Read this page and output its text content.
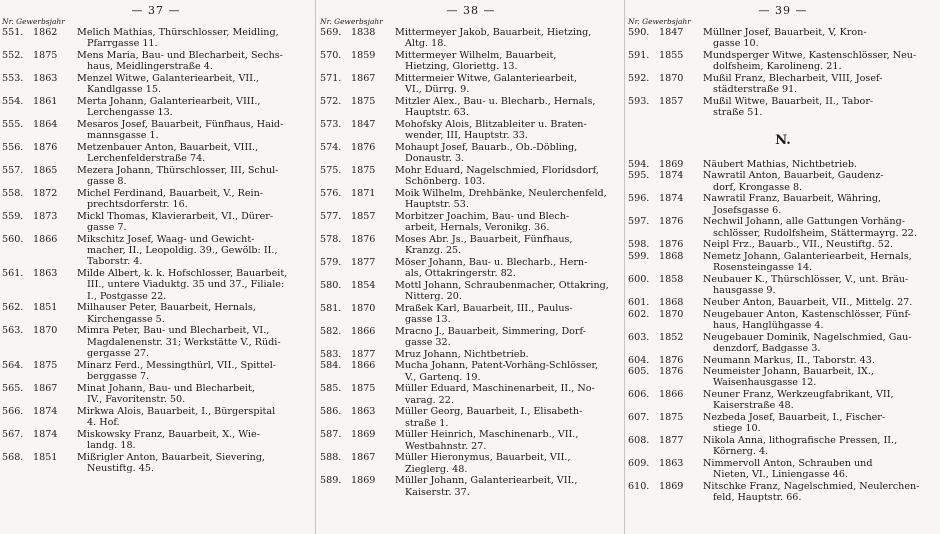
— 37 —
Nr. Gewerbsjahr
551.	1862	Melich Mathias, Thürschlosser, Meidling,
Pfarrgasse 11.
552.	1875	Mens Maria, Bau- und Blecharbeit, Sechs-
haus, Meidlingerstraße 4.
553.	1863	Menzel Witwe, Galanteriearbeit, VII.,
Kandlgasse 15.
554.	1861	Merta Johann, Galanteriearbeit, VIII.,
Lerchengasse 13.
555.	1864	Mesaros Josef, Bauarbeit, Fünfhaus, Haid-
mannsgasse 1.
556.	1876	Metzenbauer Anton, Bauarbeit, VIII.,
Lerchenfelderstraße 74.
557.	1865	Mezera Johann, Thürschlosser, III, Schul-
gasse 8.
558.	1872	Michel Ferdinand, Bauarbeit, V., Rein-
prechtsdorferstr. 16.
559.	1873	Mickl Thomas, Klavierarbeit, VI., Dürer-
gasse 7.
560.	1866	Mikschitz Josef, Waag- und Gewicht-
macher, II., Leopoldig. 39., Gewölb: II.,
Taborstr. 4.
561.	1863	Milde Albert, k. k. Hofschlosser, Bauarbeit,
III., untere Viaduktg. 35 und 37., Filiale:
I., Postgasse 22.
562.	1851	Milhauser Peter, Bauarbeit, Hernals,
Kirchengasse 5.
563.	1870	Mimra Peter, Bau- und Blecharbeit, VI.,
Magdalenenstr. 31; Werkstätte V., Rüdi-
gergasse 27.
564.	1875	Minarz Ferd., Messingthürl, VII., Spittel-
berggasse 7.
565.	1867	Minat Johann, Bau- und Blecharbeit,
IV., Favoritenstr. 50.
566.	1874	Mirkwa Alois, Bauarbeit, I., Bürgerspital
4. Hof.
567.	1874	Miskowsky Franz, Bauarbeit, X., Wie-
landg. 18.
568.	1851	Mißrigler Anton, Bauarbeit, Sievering,
Neustiftg. 45.
— 38 —
Nr. Gewerbsjahr
569.	1838	Mittermeyer Jakob, Bauarbeit, Hietzing,
Altg. 18.
570.	1859	Mittermeyer Wilhelm, Bauarbeit,
Hietzing, Gloriettg. 13.
571.	1867	Mittermeier Witwe, Galanteriearbeit,
VI., Dürrg. 9.
572.	1875	Mitzler Alex., Bau- u. Blecharb., Hernals,
Hauptstr. 63.
573.	1847	Mohofsky Alois, Blitzableiter u. Braten-
wender, III, Hauptstr. 33.
574.	1876	Mohaupt Josef, Bauarb., Ob.-Döbling,
Donaustr. 3.
575.	1875	Mohr Eduard, Nagelschmied, Floridsdorf,
Schönberg. 103.
576.	1871	Moik Wilhelm, Drehbänke, Neulerchenfeld,
Hauptstr. 53.
577.	1857	Morbitzer Joachim, Bau- und Blech-
arbeit, Hernals, Veronikg. 36.
578.	1876	Moses Abr. Js., Bauarbeit, Fünfhaus,
Kranzg. 25.
579.	1877	Möser Johann, Bau- u. Blecharb., Hern-
als, Ottakringerstr. 82.
580.	1854	Mottl Johann, Schraubenmacher, Ottakring,
Nitterg. 20.
581.	1870	Mraßek Karl, Bauarbeit, III., Paulus-
gasse 13.
582.	1866	Mracno J., Bauarbeit, Simmering, Dorf-
gasse 32.
583.	1877	Mruz Johann, Nichtbetrieb.
584.	1866	Mucha Johann, Patent-Vorhäng-Schlösser,
V., Gartenq. 19.
585.	1875	Müller Eduard, Maschinenarbeit, II., No-
varag. 22.
586.	1863	Müller Georg, Bauarbeit, I., Elisabeth-
straße 1.
587.	1869	Müller Heinrich, Maschinenarb., VII.,
Westbahnstr. 27.
588.	1867	Müller Hieronymus, Bauarbeit, VII.,
Zieglerg. 48.
589.	1869	Müller Johann, Galanteriearbeit, VII.,
Kaiserstr. 37.
— 39 —
Nr. Gewerbsjahr
590.	1847	Müllner Josef, Bauarbeit, V, Kron-
gasse 10.
591.	1855	Mundsperger Witwe, Kastenschlösser, Neu-
dolfsheim, Karolineng. 21.
592.	1870	Mußil Franz, Blecharbeit, VIII, Josef-
städterstraße 91.
593.	1857	Mußil Witwe, Bauarbeit, II., Tabor-
straße 51.
N.
594.	1869	Näubert Mathias, Nichtbetrieb.
595.	1874	Nawratil Anton, Bauarbeit, Gaudenz-
dorf, Krongasse 8.
596.	1874	Nawratil Franz, Bauarbeit, Währing,
Josefsgasse 6.
597.	1876	Nechwil Johann, alle Gattungen Vorhäng-
schlösser, Rudolfsheim, Stättermayrg. 22.
598.	1876	Neipl Frz., Bauarb., VII., Neustiftg. 52.
599.	1868	Nemetz Johann, Galanteriearbeit, Hernals,
Rosensteingasse 14.
600.	1858	Neubauer K., Thürschlösser, V., unt. Bräu-
hausgasse 9.
601.	1868	Neuber Anton, Bauarbeit, VII., Mittelg. 27.
602.	1870	Neugebauer Anton, Kastenschlösser, Fünf-
haus, Hanglühgasse 4.
603.	1852	Neugebauer Dominik, Nagelschmied, Gau-
denzdorf, Badgasse 3.
604.	1876	Neumann Markus, II., Taborstr. 43.
605.	1876	Neumeister Johann, Bauarbeit, IX.,
Waisenhausgasse 12.
606.	1866	Neuner Franz, Werkzeugfabrikant, VII,
Kaiserstraße 48.
607.	1875	Nezbeda Josef, Bauarbeit, I., Fischer-
stiege 10.
608.	1877	Nikola Anna, lithografische Pressen, II.,
Körnerg. 4.
609.	1863	Nimmervoll Anton, Schrauben und
Nieten, VI., Liniengasse 46.
610.	1869	Nitschke Franz, Nagelschmied, Neulerchen-
feld, Hauptstr. 66.
